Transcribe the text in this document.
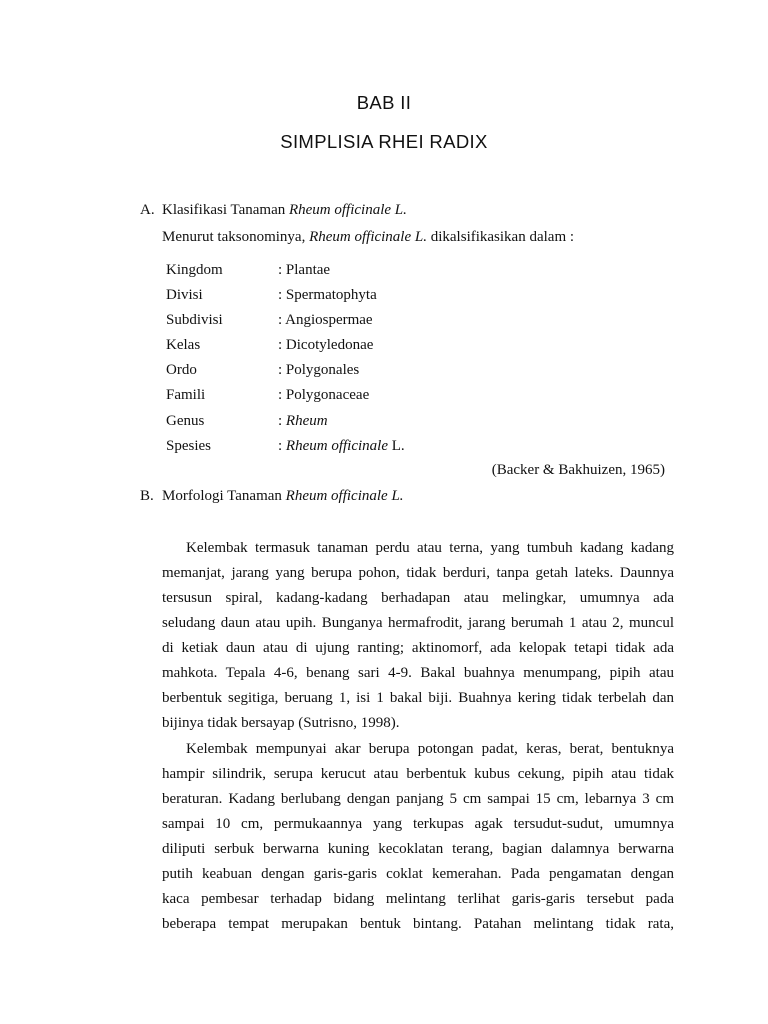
BAB II
SIMPLISIA RHEI RADIX
A. Klasifikasi Tanaman Rheum officinale L.
Menurut taksonominya, Rheum officinale L. dikalsifikasikan dalam :
Kingdom	: Plantae
Divisi	: Spermatophyta
Subdivisi	: Angiospermae
Kelas	: Dicotyledonae
Ordo	: Polygonales
Famili	: Polygonaceae
Genus	: Rheum
Spesies	: Rheum officinale L.
(Backer & Bakhuizen, 1965)
B. Morfologi Tanaman Rheum officinale L.
Kelembak termasuk tanaman perdu atau terna, yang tumbuh kadang kadang
memanjat, jarang yang berupa pohon, tidak berduri, tanpa getah lateks. Daunnya
tersusun spiral, kadang-kadang berhadapan atau melingkar, umumnya ada
seludang daun atau upih. Bunganya hermafrodit, jarang berumah 1 atau 2, muncul
di ketiak daun atau di ujung ranting; aktinomorf, ada kelopak tetapi tidak ada
mahkota. Tepala 4-6, benang sari 4-9. Bakal buahnya menumpang, pipih atau
berbentuk segitiga, beruang 1, isi 1 bakal biji. Buahnya kering tidak terbelah dan
bijinya tidak bersayap (Sutrisno, 1998).
Kelembak mempunyai akar berupa potongan padat, keras, berat, bentuknya
hampir silindrik, serupa kerucut atau berbentuk kubus cekung, pipih atau tidak
beraturan. Kadang berlubang dengan panjang 5 cm sampai 15 cm, lebarnya 3 cm
sampai 10 cm, permukaannya yang terkupas agak tersudut-sudut, umumnya
diliputi serbuk berwarna kuning kecoklatan terang, bagian dalamnya berwarna
putih keabuan dengan garis-garis coklat kemerahan. Pada pengamatan dengan
kaca pembesar terhadap bidang melintang terlihat garis-garis tersebut pada
beberapa tempat merupakan bentuk bintang. Patahan melintang tidak rata,
